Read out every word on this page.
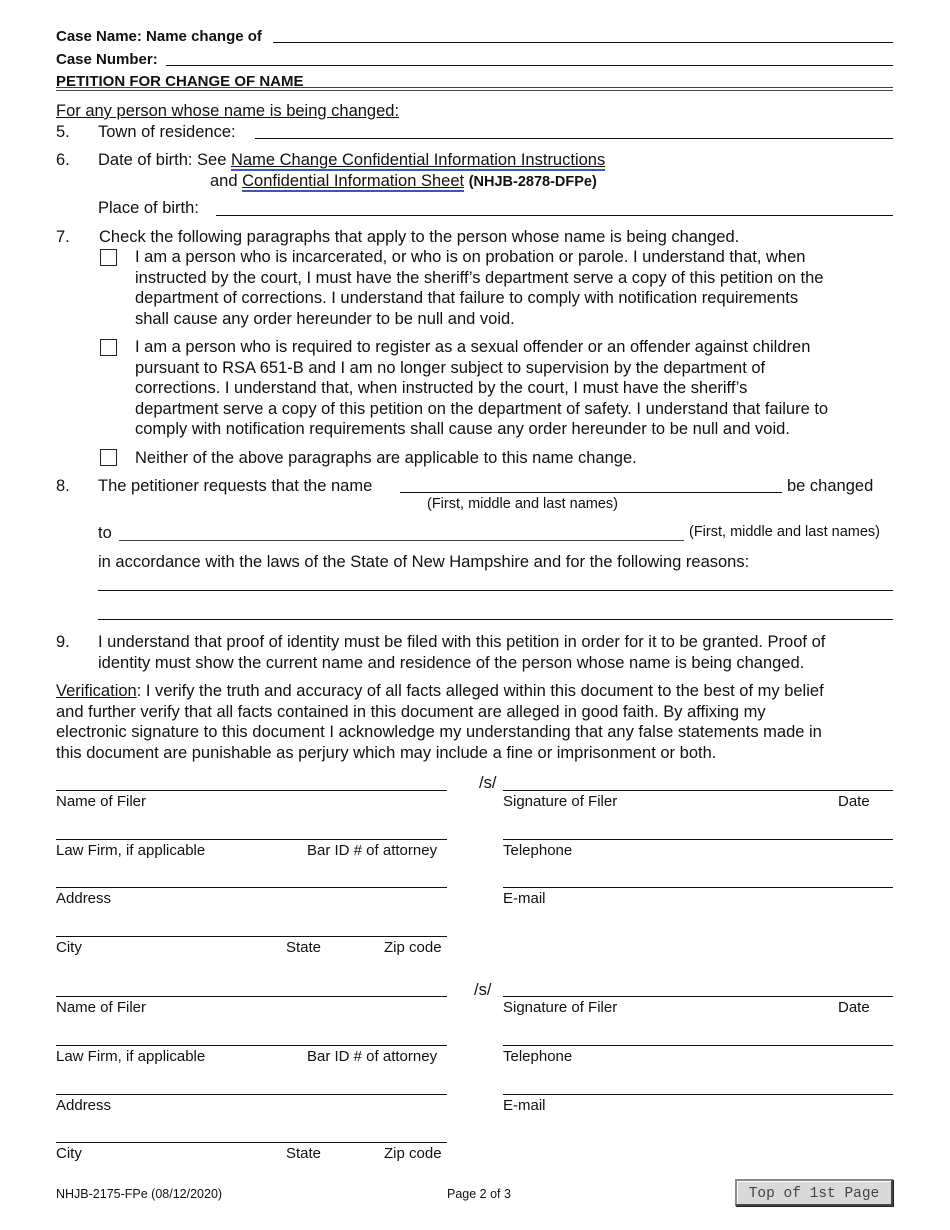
Case Name: Name change of
Case Number:
PETITION FOR CHANGE OF NAME
For any person whose name is being changed:
5. Town of residence:
6. Date of birth: See Name Change Confidential Information Instructions
and Confidential Information Sheet (NHJB-2878-DFPe)
Place of birth:
7. Check the following paragraphs that apply to the person whose name is being changed.
I am a person who is incarcerated, or who is on probation or parole. I understand that, when
instructed by the court, I must have the sheriff’s department serve a copy of this petition on the
department of corrections. I understand that failure to comply with notification requirements
shall cause any order hereunder to be null and void.
I am a person who is required to register as a sexual offender or an offender against children
pursuant to RSA 651-B and I am no longer subject to supervision by the department of
corrections. I understand that, when instructed by the court, I must have the sheriff’s
department serve a copy of this petition on the department of safety. I understand that failure to
comply with notification requirements shall cause any order hereunder to be null and void.
Neither of the above paragraphs are applicable to this name change.
8. The petitioner requests that the name	be changed
(First, middle and last names)
to	(First, middle and last names)
in accordance with the laws of the State of New Hampshire and for the following reasons:
9. I understand that proof of identity must be filed with this petition in order for it to be granted. Proof of
identity must show the current name and residence of the person whose name is being changed.
Verification: I verify the truth and accuracy of all facts alleged within this document to the best of my belief
and further verify that all facts contained in this document are alleged in good faith. By affixing my
electronic signature to this document I acknowledge my understanding that any false statements made in
this document are punishable as perjury which may include a fine or imprisonment or both.
/s/
Name of Filer	Signature of Filer	Date
Law Firm, if applicable	Bar ID # of attorney	Telephone
Address	E-mail
City	State	Zip code
/s/
Name of Filer	Signature of Filer	Date
Law Firm, if applicable	Bar ID # of attorney	Telephone
Address	E-mail
City	State	Zip code
NHJB-2175-FPe (08/12/2020)	Page 2 of 3	Top of 1st Page
